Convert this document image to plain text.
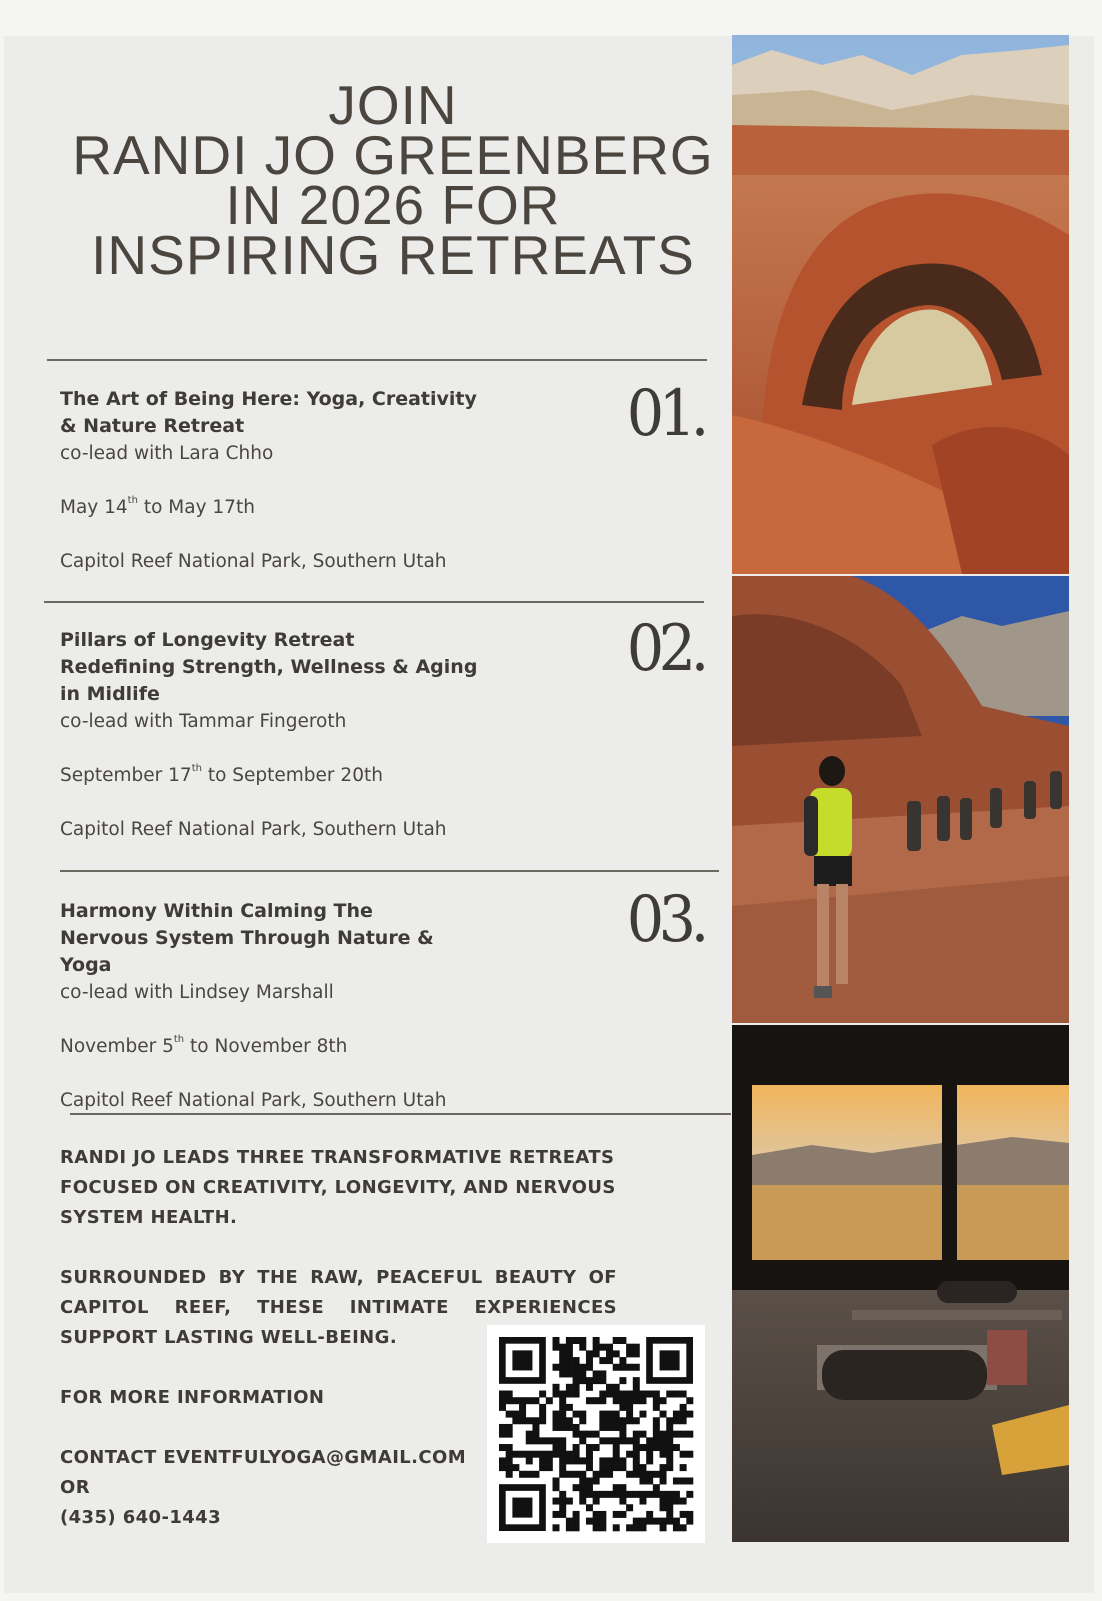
JOIN
RANDI JO GREENBERG
IN 2026 FOR
INSPIRING RETREATS
01.
The Art of Being Here: Yoga, Creativity & Nature Retreat
co-lead with Lara Chho
May 14th to May 17th
Capitol Reef National Park, Southern Utah
02.
Pillars of Longevity Retreat
Redefining Strength, Wellness & Aging in Midlife
co-lead with Tammar Fingeroth
September 17th to September 20th
Capitol Reef National Park, Southern Utah
03.
Harmony Within Calming The Nervous System Through Nature & Yoga
co-lead with Lindsey Marshall
November 5th to November 8th
Capitol Reef National Park, Southern Utah
RANDI JO LEADS THREE TRANSFORMATIVE RETREATS FOCUSED ON CREATIVITY, LONGEVITY, AND NERVOUS SYSTEM HEALTH.
SURROUNDED BY THE RAW, PEACEFUL BEAUTY OF CAPITOL REEF, THESE INTIMATE EXPERIENCES SUPPORT LASTING WELL-BEING.
FOR MORE INFORMATION
CONTACT EVENTFULYOGA@GMAIL.COM
OR
(435) 640-1443
